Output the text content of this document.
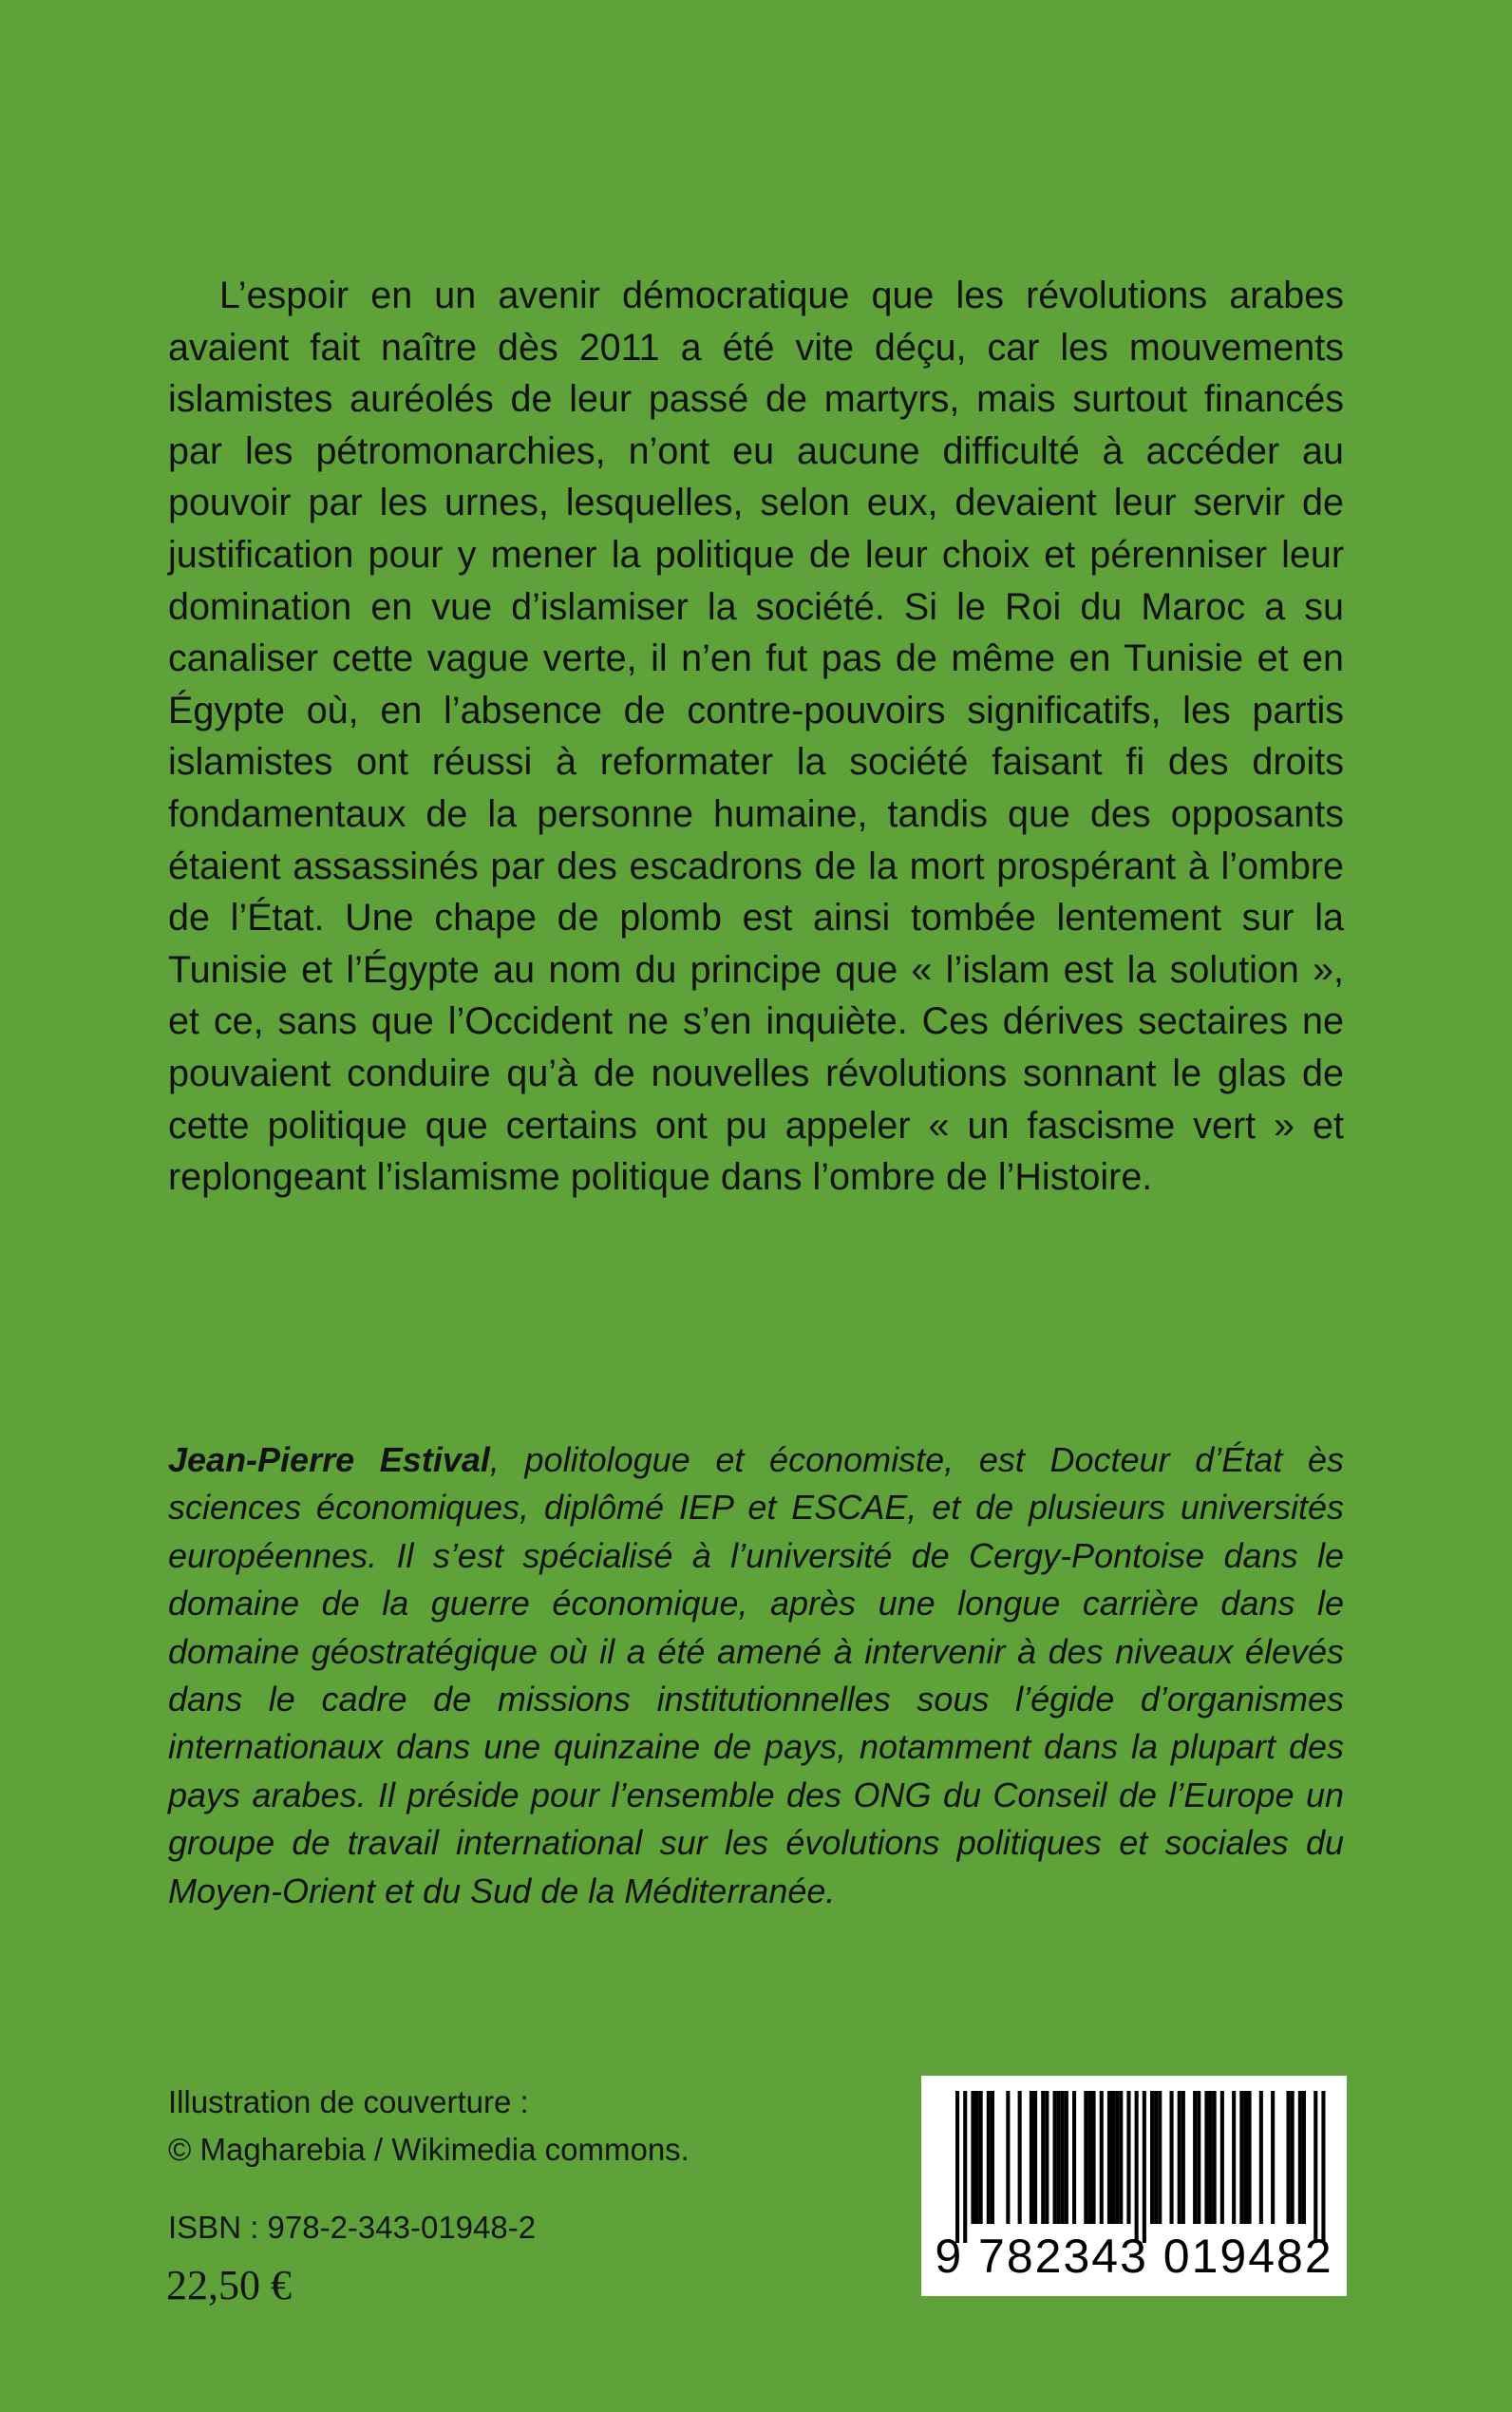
L’espoir en un avenir démocratique que les révolutions arabes avaient fait naître dès 2011 a été vite déçu, car les mouvements islamistes auréolés de leur passé de martyrs, mais surtout financés par les pétromonarchies, n’ont eu aucune difficulté à accéder au pouvoir par les urnes, lesquelles, selon eux, devaient leur servir de justification pour y mener la politique de leur choix et pérenniser leur domination en vue d’islamiser la société. Si le Roi du Maroc a su canaliser cette vague verte, il n’en fut pas de même en Tunisie et en Égypte où, en l’absence de contre-pouvoirs significatifs, les partis islamistes ont réussi à reformater la société faisant fi des droits fondamentaux de la personne humaine, tandis que des opposants étaient assassinés par des escadrons de la mort prospérant à l’ombre de l’État. Une chape de plomb est ainsi tombée lentement sur la Tunisie et l’Égypte au nom du principe que « l’islam est la solution », et ce, sans que l’Occident ne s’en inquiète. Ces dérives sectaires ne pouvaient conduire qu’à de nouvelles révolutions sonnant le glas de cette politique que certains ont pu appeler « un fascisme vert » et replongeant l’islamisme politique dans l’ombre de l’Histoire.

Jean-Pierre Estival, politologue et économiste, est Docteur d’État ès sciences économiques, diplômé IEP et ESCAE, et de plusieurs universités européennes. Il s’est spécialisé à l’université de Cergy-Pontoise dans le domaine de la guerre économique, après une longue carrière dans le domaine géostratégique où il a été amené à intervenir à des niveaux élevés dans le cadre de missions institutionnelles sous l’égide d’organismes internationaux dans une quinzaine de pays, notamment dans la plupart des pays arabes. Il préside pour l’ensemble des ONG du Conseil de l’Europe un groupe de travail international sur les évolutions politiques et sociales du Moyen-Orient et du Sud de la Méditerranée.

Illustration de couverture :
© Magharebia / Wikimedia commons.
ISBN : 978-2-343-01948-2
22,50 €
9 782343 019482
